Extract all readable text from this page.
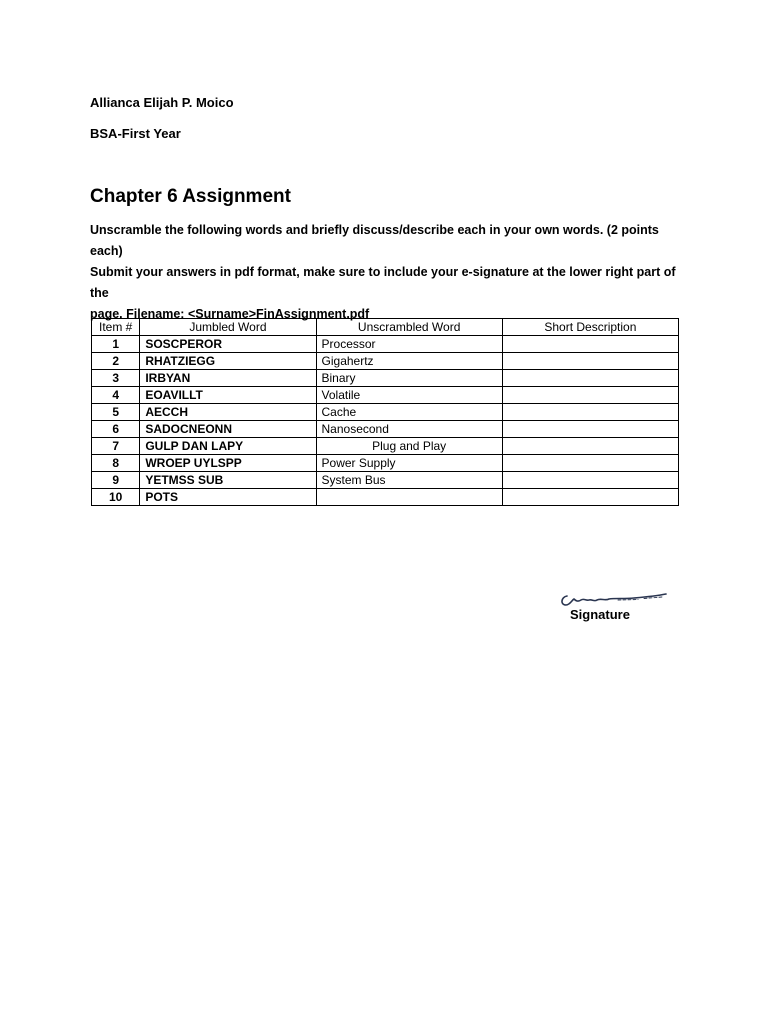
Allianca Elijah P. Moico
BSA-First Year
Chapter 6 Assignment

Unscramble the following words and briefly discuss/describe each in your own words. (2 points each)

Submit your answers in pdf format, make sure to include your e-signature at the lower right part of the

page. Filename: <Surname>FinAssignment.pdf

Item #	Jumbled Word	Unscrambled Word	Short Description
1	SOSCPEROR	Processor	
2	RHATZIEGG	Gigahertz	
3	IRBYAN	Binary	
4	EOAVILLT	Volatile	
5	AECCH	Cache	
6	SADOCNEONN	Nanosecond	
7	GULP DAN LAPY	Plug and Play	
8	WROEP UYLSPP	Power Supply	
9	YETMSS SUB	System Bus	
10	POTS		
Signature
